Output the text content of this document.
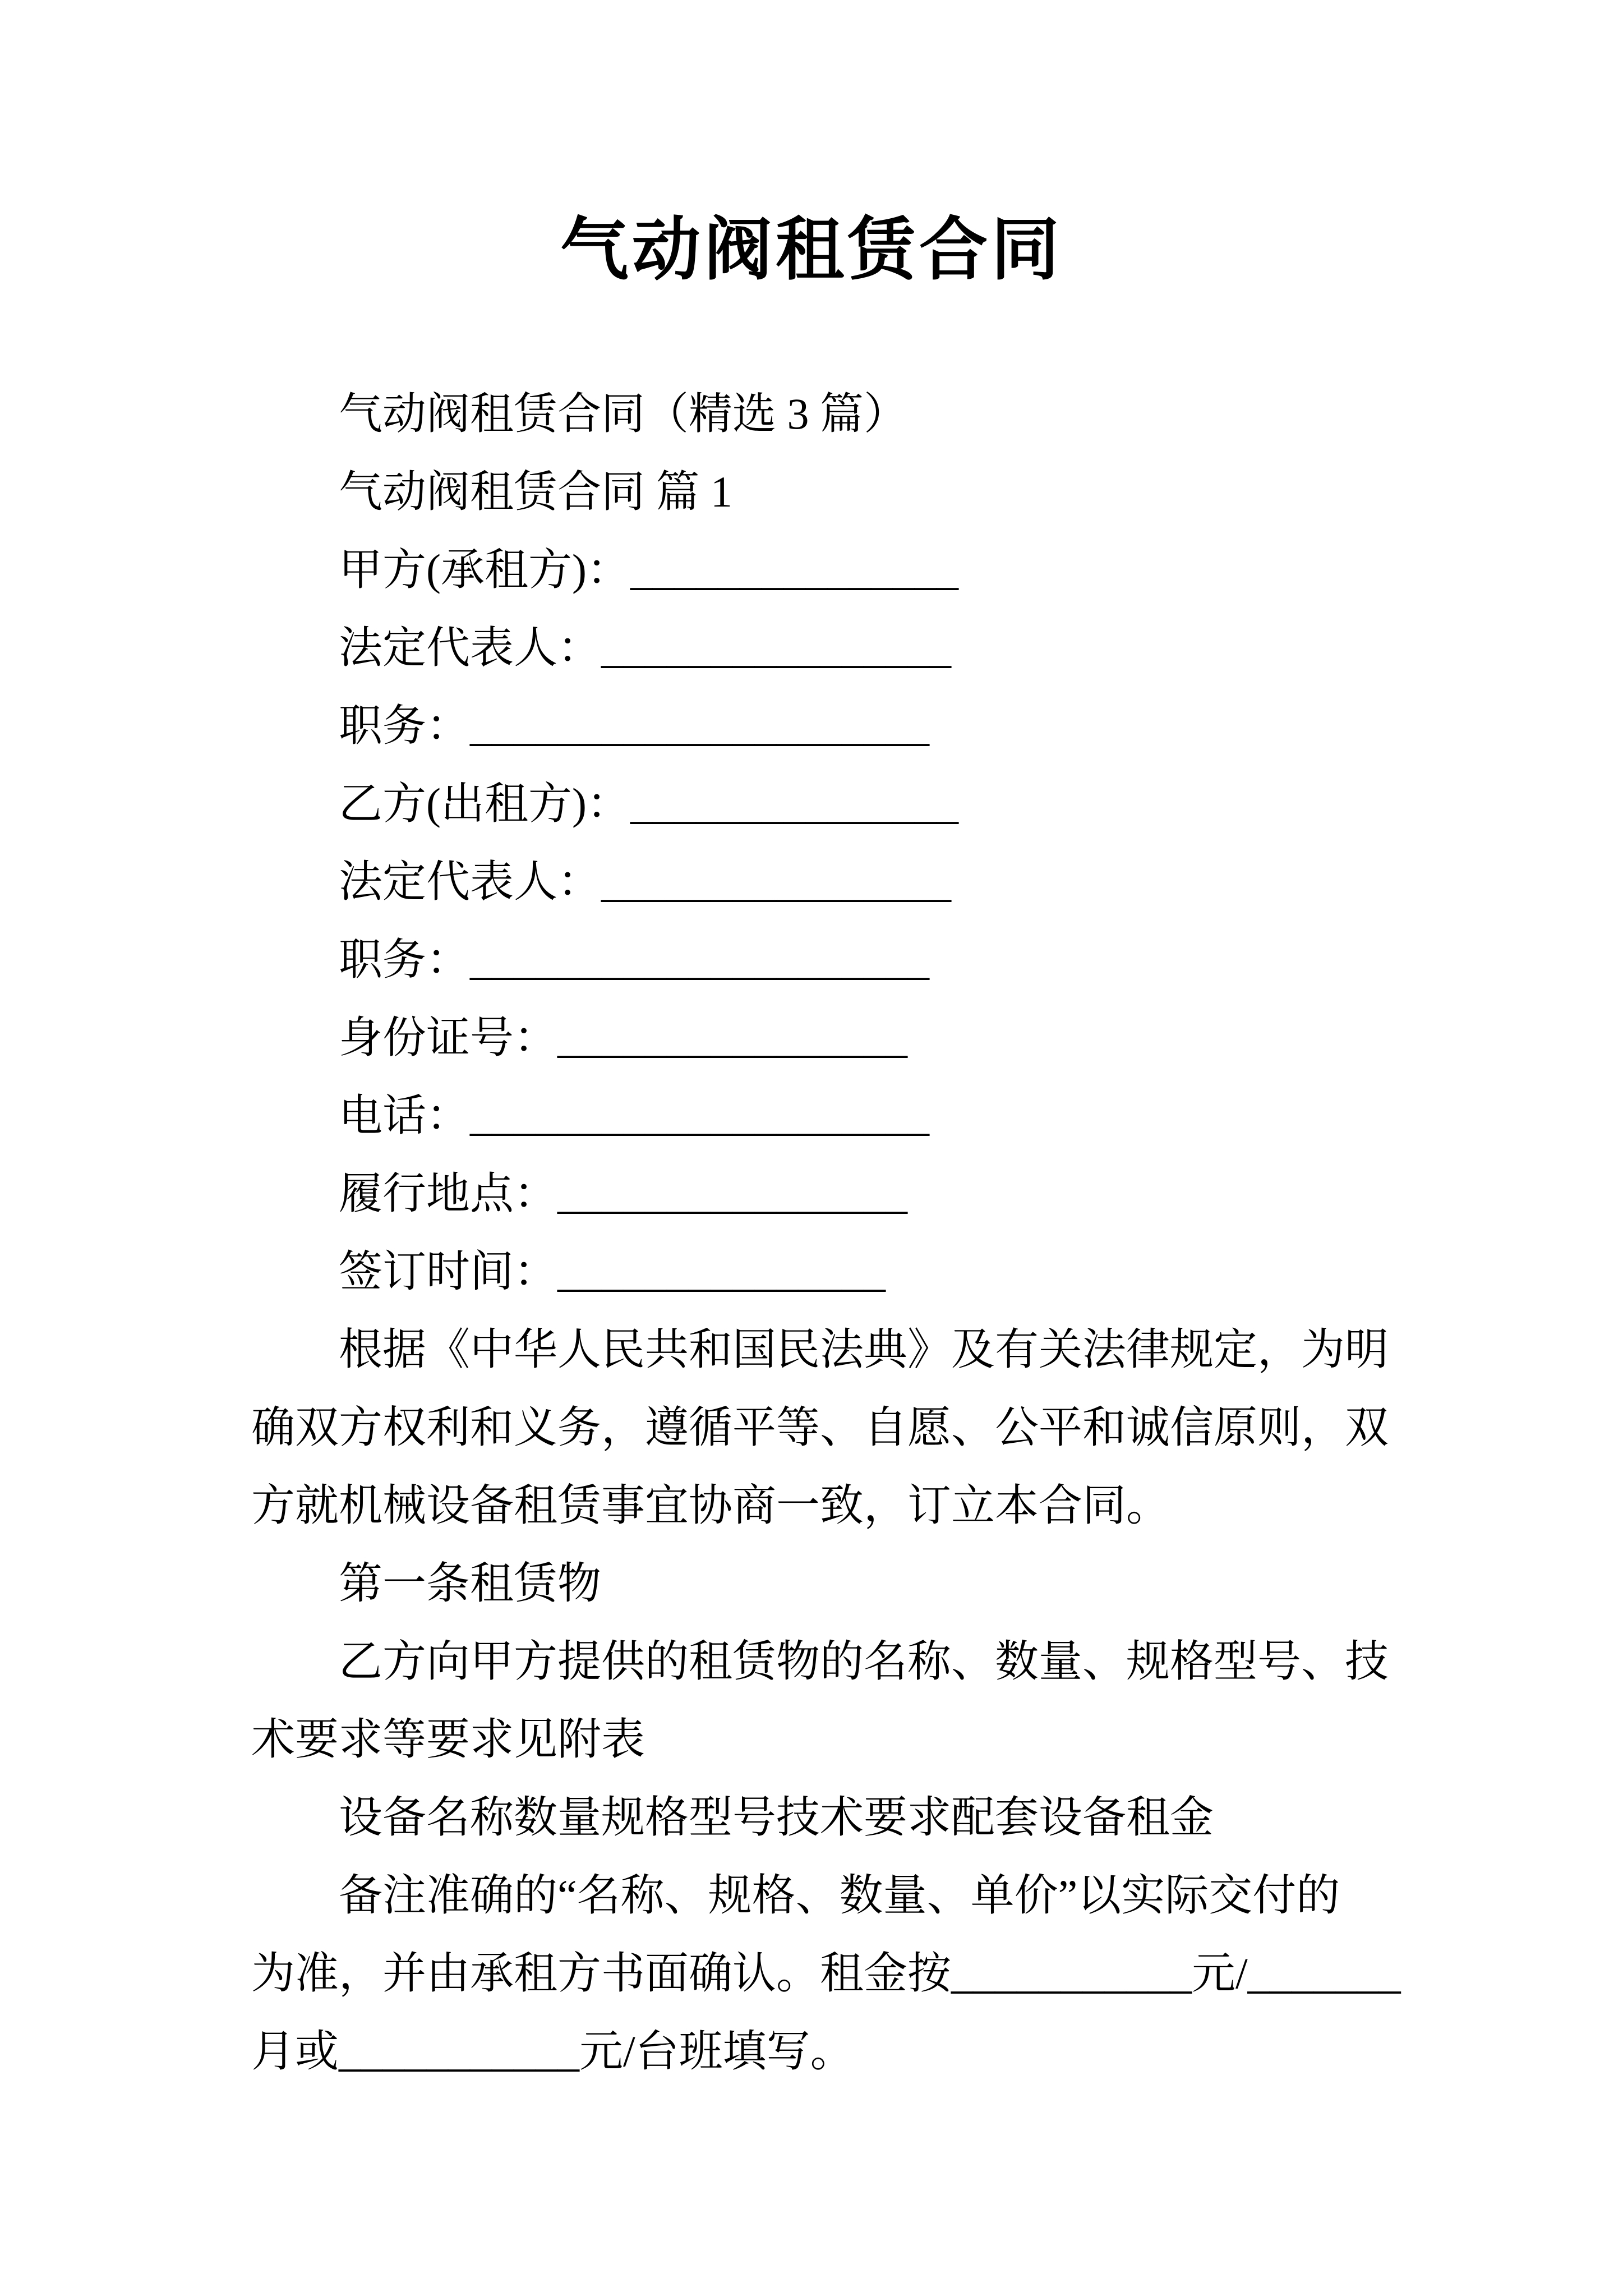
气动阀租赁合同
气动阀租赁合同（精选 3 篇）
气动阀租赁合同 篇 1
甲方(承租方)：_______________
法定代表人：________________
职务：_____________________
乙方(出租方)：_______________
法定代表人：________________
职务：_____________________
身份证号：________________
电话：_____________________
履行地点：________________
签订时间：_______________
根据《中华人民共和国民法典》及有关法律规定，为明
确双方权利和义务，遵循平等、自愿、公平和诚信原则，双
方就机械设备租赁事宜协商一致，订立本合同。
第一条租赁物
乙方向甲方提供的租赁物的名称、数量、规格型号、技
术要求等要求见附表
设备名称数量规格型号技术要求配套设备租金
备注准确的“名称、规格、数量、单价”以实际交付的
为准，并由承租方书面确认。租金按___________元/_______
月或___________元/台班填写。
